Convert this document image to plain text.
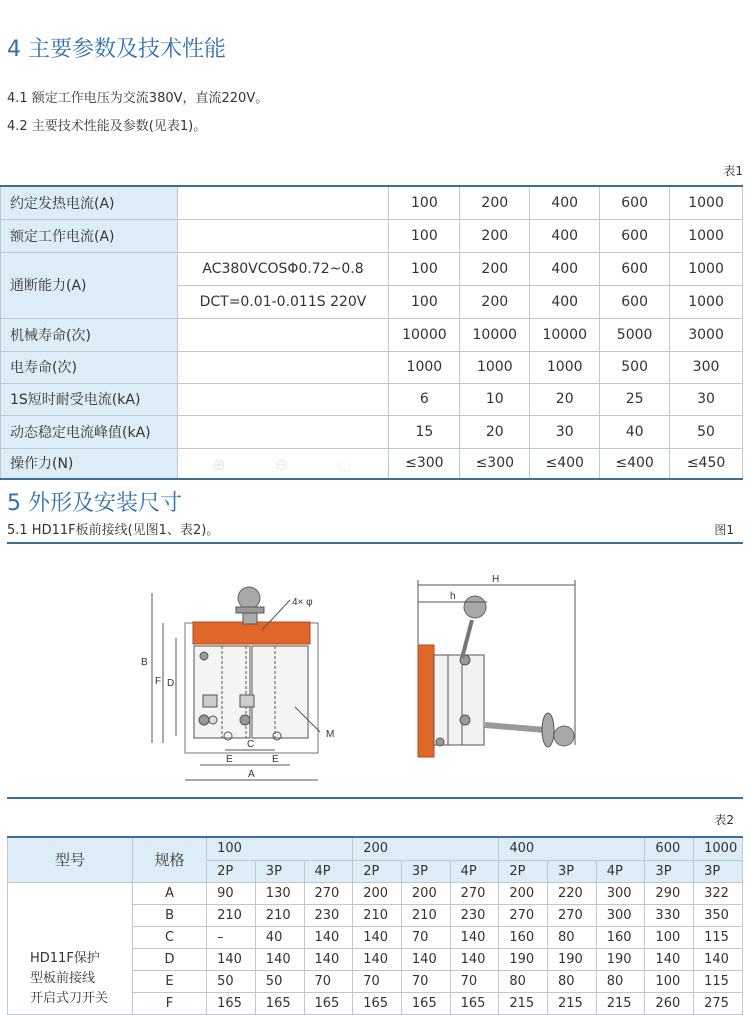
4 主要参数及技术性能
4.1 额定工作电压为交流380V，直流220V。
4.2 主要技术性能及参数(见表1)。
表1
约定发热电流(A)		100	200	400	600	1000
额定工作电流(A)		100	200	400	600	1000
通断能力(A)	AC380VCOSΦ0.72~0.8	100	200	400	600	1000
	DCT=0.01-0.011S 220V	100	200	400	600	1000
机械寿命(次)		10000	10000	10000	5000	3000
电寿命(次)		1000	1000	1000	500	300
1S短时耐受电流(kA)		6	10	20	25	30
动态稳定电流峰值(kA)		15	20	30	40	50
操作力(N)		≤300	≤300	≤400	≤400	≤450
○ ◫ ⊕ ⊖ ◌
5 外形及安装尺寸
5.1 HD11F板前接线(见图1、表2)。	图1
B
F D
C
E	E
A
4× φ
M
H
h
表2
型号	规格	100			200			400			600	1000
		2P	3P	4P	2P	3P	4P	2P	3P	4P	3P	3P

HD11F保护
型板前接线
开启式刀开关	A	90	130	270	200	200	270	200	220	300	290	322
	B	210	210	230	210	210	230	270	270	300	330	350
	C	–	40	140	140	70	140	160	80	160	100	115
	D	140	140	140	140	140	140	190	190	190	140	140
	E	50	50	70	70	70	70	80	80	80	100	115
	F	165	165	165	165	165	165	215	215	215	260	275
